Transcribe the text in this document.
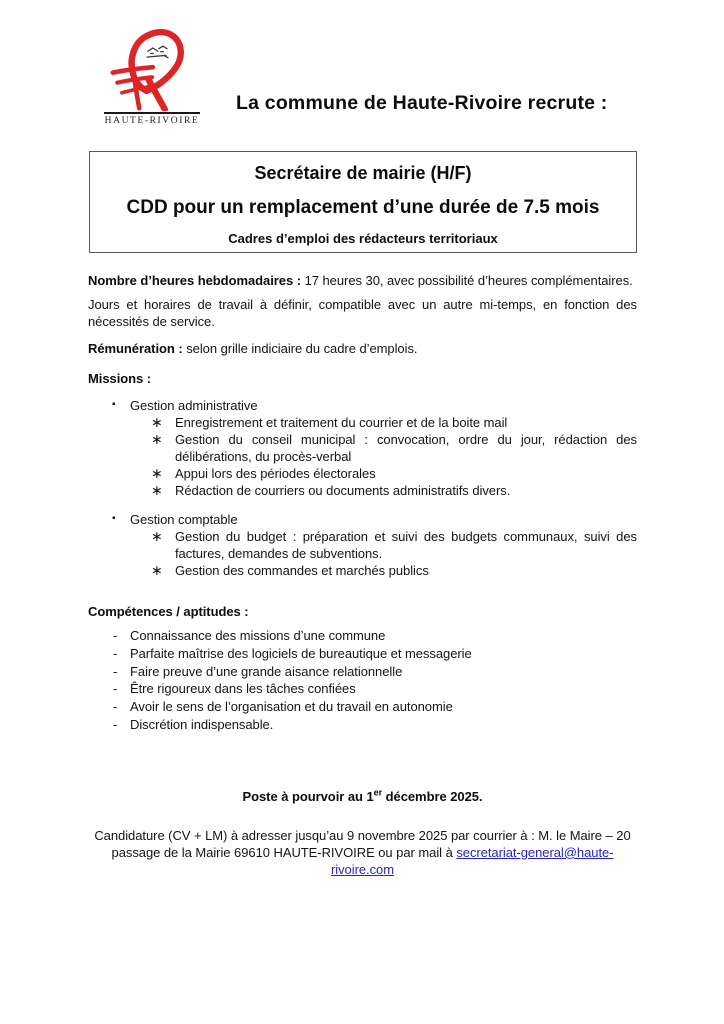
HAUTE-RIVOIRE
La commune de Haute-Rivoire recrute :
Secrétaire de mairie (H/F)
CDD pour un remplacement d’une durée de 7.5 mois
Cadres d’emploi des rédacteurs territoriaux

Nombre d’heures hebdomadaires : 17 heures 30, avec possibilité d’heures complémentaires.

Jours et horaires de travail à définir, compatible avec un autre mi-temps, en fonction des nécessités de service.

Rémunération : selon grille indiciaire du cadre d’emplois.

Missions :

▪ Gestion administrative
∗ Enregistrement et traitement du courrier et de la boite mail
∗ Gestion du conseil municipal : convocation, ordre du jour, rédaction des délibérations, du procès-verbal
∗ Appui lors des périodes électorales
∗ Rédaction de courriers ou documents administratifs divers.
▪ Gestion comptable
∗ Gestion du budget : préparation et suivi des budgets communaux, suivi des factures, demandes de subventions.
∗ Gestion des commandes et marchés publics

Compétences / aptitudes :

- Connaissance des missions d’une commune
- Parfaite maîtrise des logiciels de bureautique et messagerie
- Faire preuve d’une grande aisance relationnelle
- Être rigoureux dans les tâches confiées
- Avoir le sens de l’organisation et du travail en autonomie
- Discrétion indispensable.

Poste à pourvoir au 1er décembre 2025.

Candidature (CV + LM) à adresser jusqu’au 9 novembre 2025 par courrier à : M. le Maire – 20 passage de la Mairie 69610 HAUTE-RIVOIRE ou par mail à secretariat-general@haute-rivoire.com
